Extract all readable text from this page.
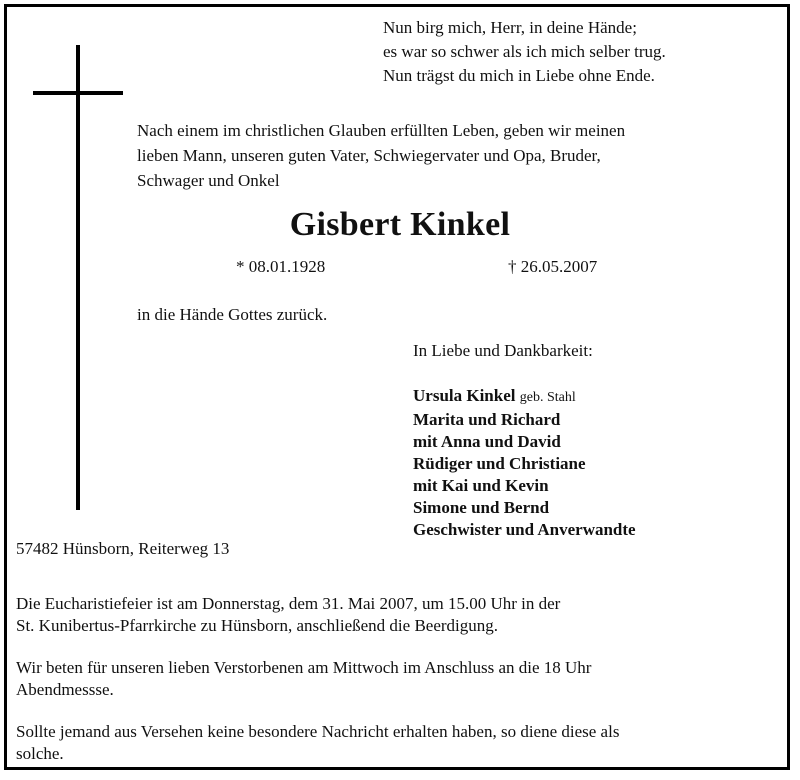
Nun birg mich, Herr, in deine Hände;
es war so schwer als ich mich selber trug.
Nun trägst du mich in Liebe ohne Ende.
Nach einem im christlichen Glauben erfüllten Leben, geben wir meinen
lieben Mann, unseren guten Vater, Schwiegervater und Opa, Bruder,
Schwager und Onkel
Gisbert Kinkel
* 08.01.1928	† 26.05.2007
in die Hände Gottes zurück.
In Liebe und Dankbarkeit:
Ursula Kinkel geb. Stahl
Marita und Richard
mit Anna und David
Rüdiger und Christiane
mit Kai und Kevin
Simone und Bernd
Geschwister und Anverwandte
57482 Hünsborn, Reiterweg 13
Die Eucharistiefeier ist am Donnerstag, dem 31. Mai 2007, um 15.00 Uhr in der
St. Kunibertus-Pfarrkirche zu Hünsborn, anschließend die Beerdigung.
Wir beten für unseren lieben Verstorbenen am Mittwoch im Anschluss an die 18 Uhr
Abendmessse.
Sollte jemand aus Versehen keine besondere Nachricht erhalten haben, so diene diese als
solche.
